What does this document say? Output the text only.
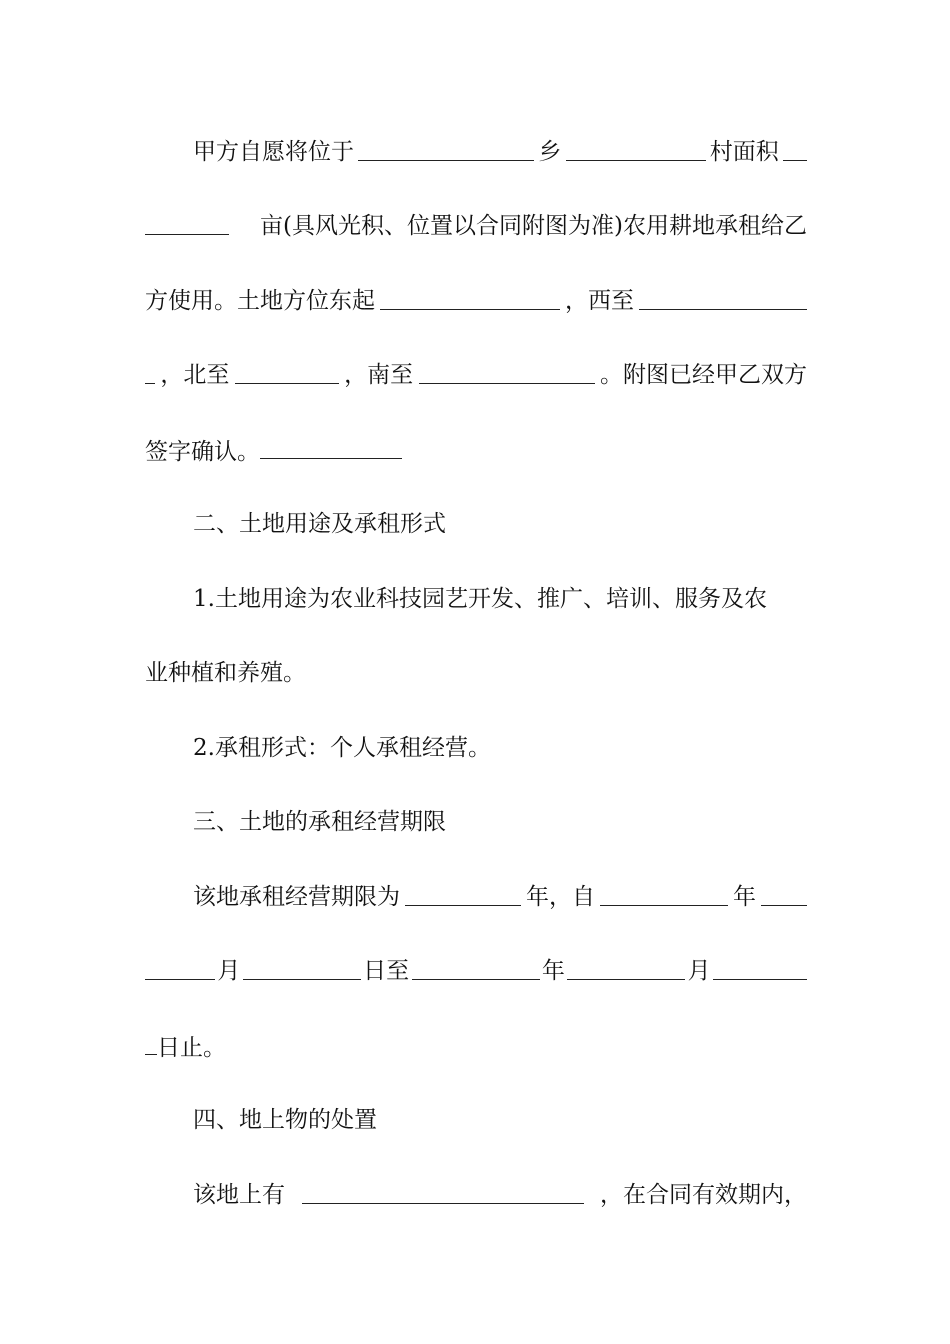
甲方自愿将位于	乡	村面积
亩(具风光积、位置以合同附图为准)农用耕地承租给乙
方使用。土地方位东起	，西至
，北至	，南至	。附图已经甲乙双方
签字确认。
二、土地用途及承租形式
1.土地用途为农业科技园艺开发、推广、培训、服务及农
业种植和养殖。
2.承租形式：个人承租经营。
三、土地的承租经营期限
该地承租经营期限为	年，自	年
月	日至	年	月
日止。
四、地上物的处置
该地上有	，在合同有效期内，
